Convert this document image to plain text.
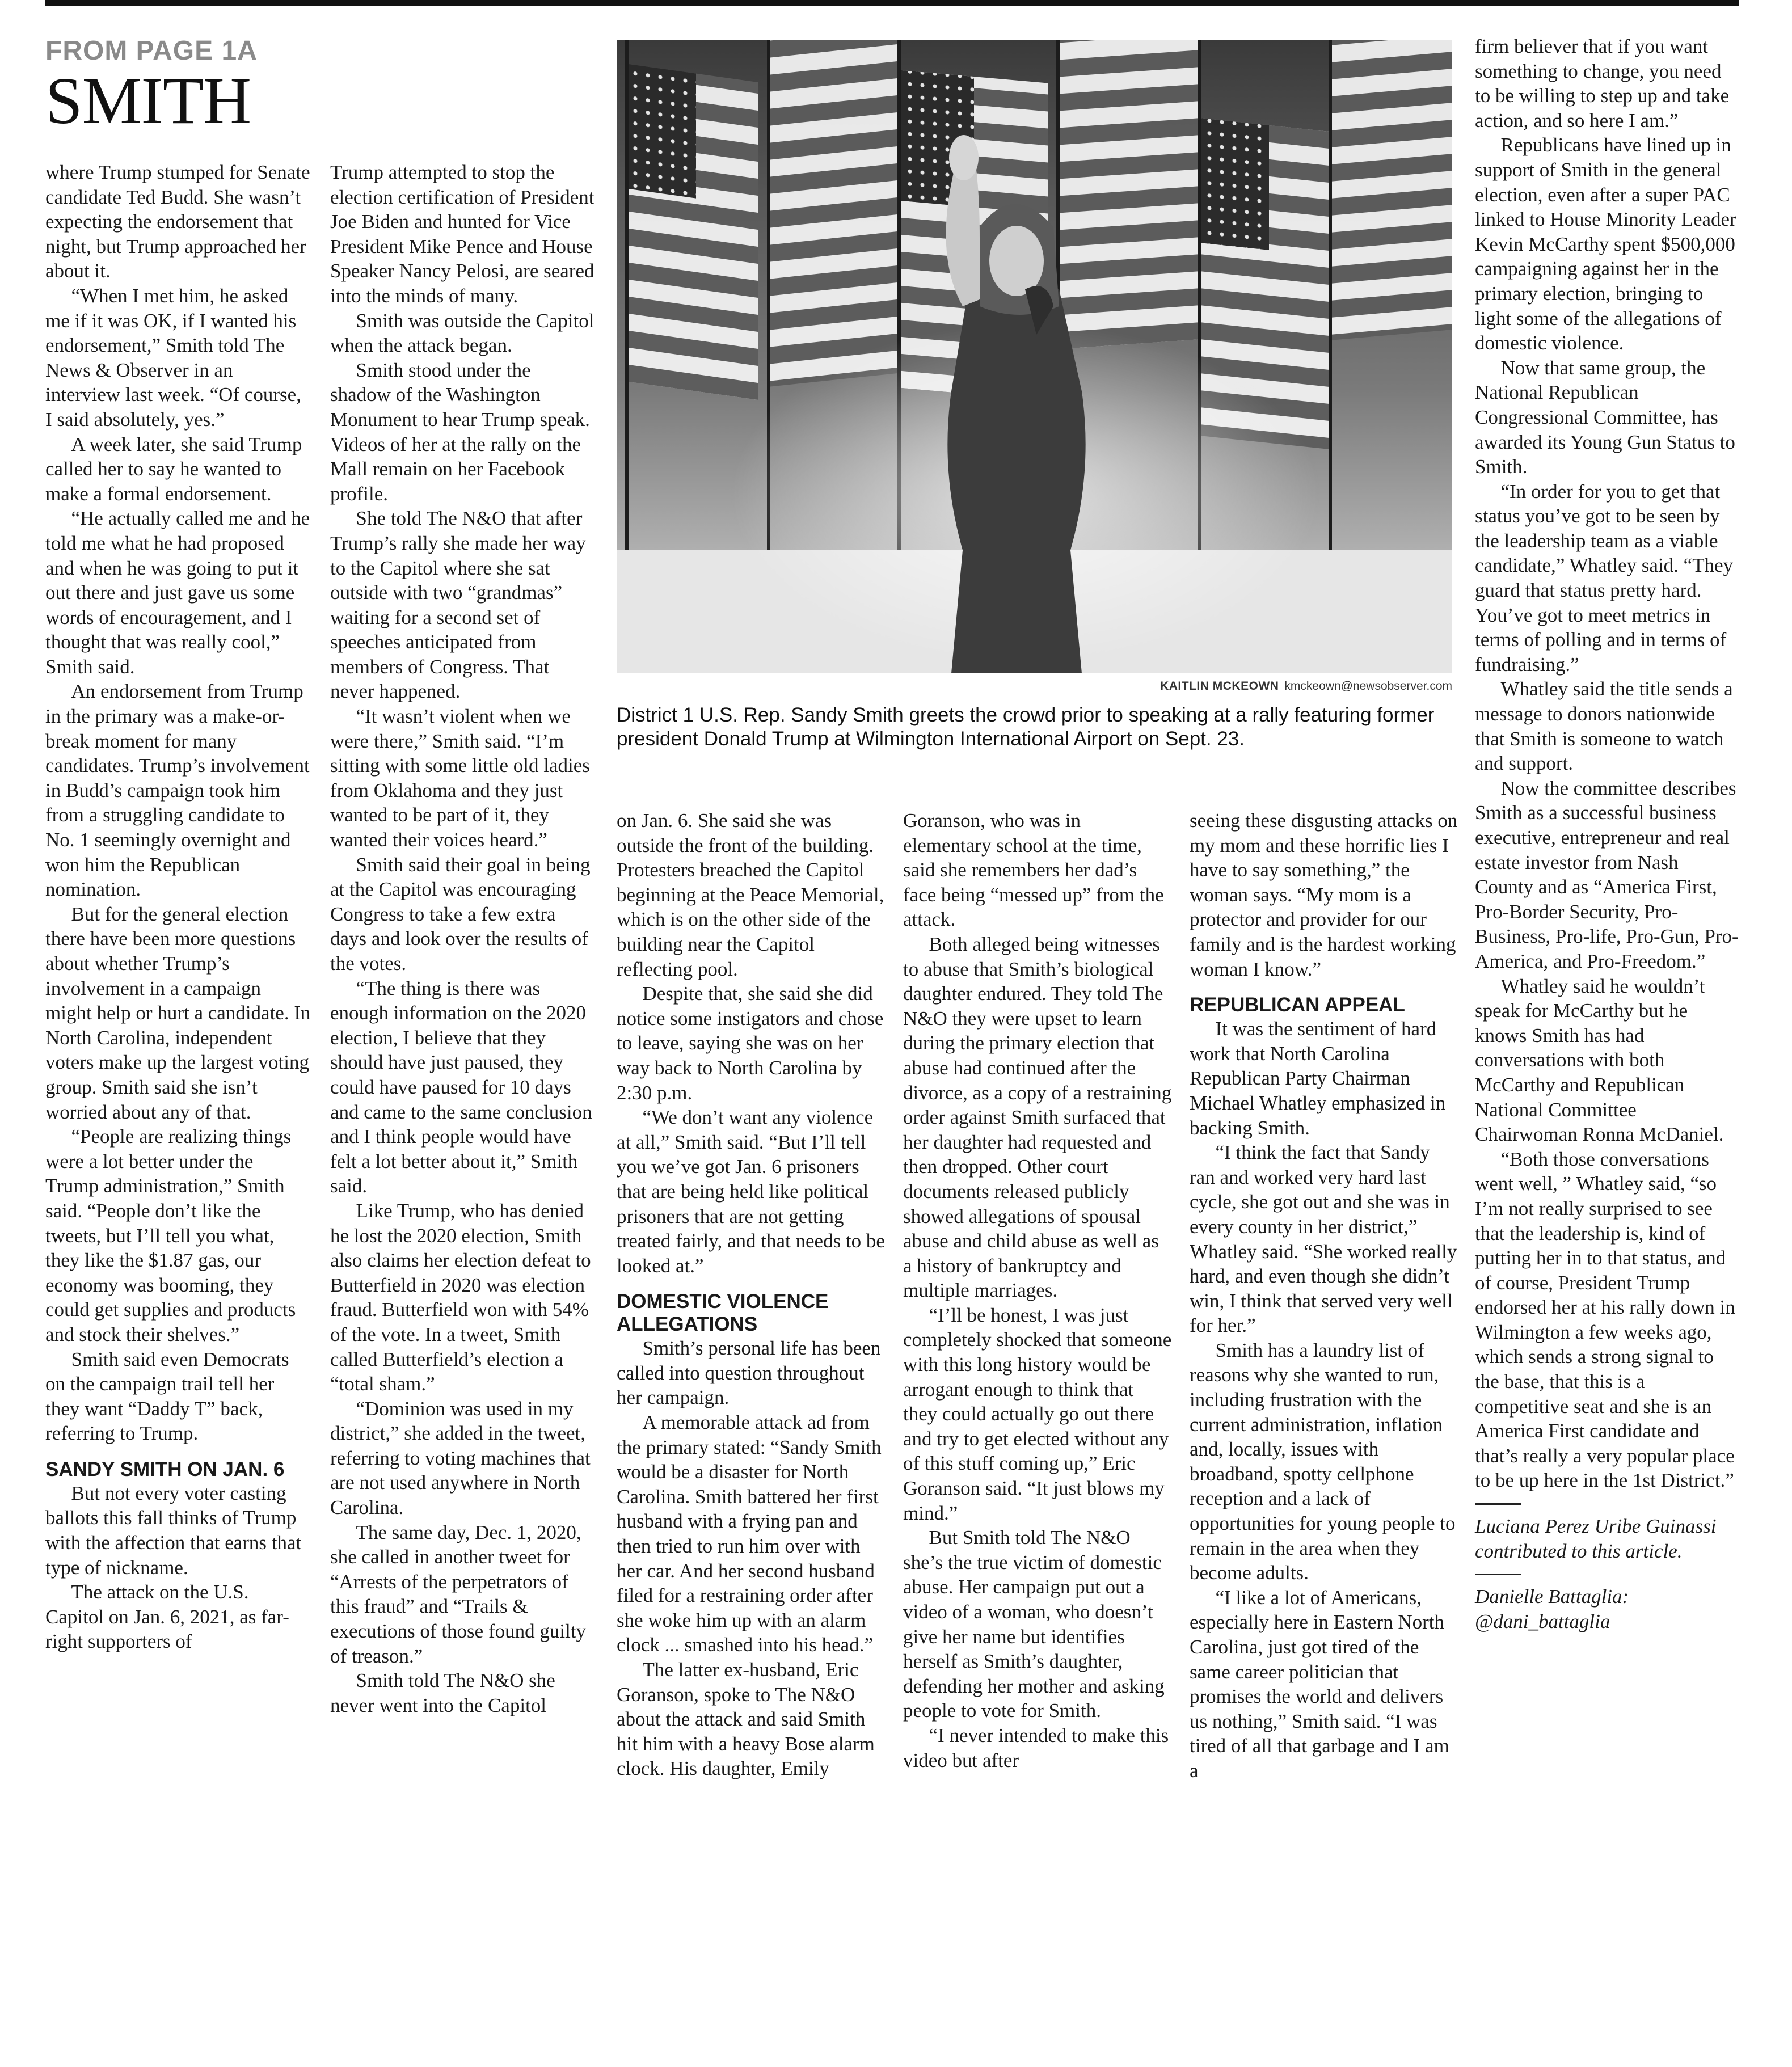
FROM PAGE 1A
SMITH

where Trump stumped for Senate candidate Ted Budd. She wasn’t expecting the endorsement that night, but Trump approached her about it.

“When I met him, he asked me if it was OK, if I wanted his endorsement,” Smith told The News & Observer in an interview last week. “Of course, I said absolutely, yes.”

A week later, she said Trump called her to say he wanted to make a formal endorsement.

“He actually called me and he told me what he had proposed and when he was going to put it out there and just gave us some words of encouragement, and I thought that was really cool,” Smith said.

An endorsement from Trump in the primary was a make-or-break moment for many candidates. Trump’s involvement in Budd’s campaign took him from a struggling candidate to No. 1 seemingly overnight and won him the Republican nomination.

But for the general election there have been more questions about whether Trump’s involvement in a campaign might help or hurt a candidate. In North Carolina, independent voters make up the largest voting group. Smith said she isn’t worried about any of that.

“People are realizing things were a lot better under the Trump administration,” Smith said. “People don’t like the tweets, but I’ll tell you what, they like the $1.87 gas, our economy was booming, they could get supplies and products and stock their shelves.”

Smith said even Democrats on the campaign trail tell her they want “Daddy T” back, referring to Trump.

SANDY SMITH ON JAN. 6

But not every voter casting ballots this fall thinks of Trump with the affection that earns that type of nickname.

The attack on the U.S. Capitol on Jan. 6, 2021, as far-right supporters of

Trump attempted to stop the election certification of President Joe Biden and hunted for Vice President Mike Pence and House Speaker Nancy Pelosi, are seared into the minds of many.

Smith was outside the Capitol when the attack began.

Smith stood under the shadow of the Washington Monument to hear Trump speak. Videos of her at the rally on the Mall remain on her Facebook profile.

She told The N&O that after Trump’s rally she made her way to the Capitol where she sat outside with two “grandmas” waiting for a second set of speeches anticipated from members of Congress. That never happened.

“It wasn’t violent when we were there,” Smith said. “I’m sitting with some little old ladies from Oklahoma and they just wanted to be part of it, they wanted their voices heard.”

Smith said their goal in being at the Capitol was encouraging Congress to take a few extra days and look over the results of the votes.

“The thing is there was enough information on the 2020 election, I believe that they should have just paused, they could have paused for 10 days and came to the same conclusion and I think people would have felt a lot better about it,” Smith said.

Like Trump, who has denied he lost the 2020 election, Smith also claims her election defeat to Butterfield in 2020 was election fraud. Butterfield won with 54% of the vote. In a tweet, Smith called Butterfield’s election a “total sham.”

“Dominion was used in my district,” she added in the tweet, referring to voting machines that are not used anywhere in North Carolina.

The same day, Dec. 1, 2020, she called in another tweet for “Arrests of the perpetrators of this fraud” and “Trails & executions of those found guilty of treason.”

Smith told The N&O she never went into the Capitol

KAITLIN MCKEOWN kmckeown@newsobserver.com
District 1 U.S. Rep. Sandy Smith greets the crowd prior to speaking at a rally featuring former president Donald Trump at Wilmington International Airport on Sept. 23.

on Jan. 6. She said she was outside the front of the building. Protesters breached the Capitol beginning at the Peace Memorial, which is on the other side of the building near the Capitol reflecting pool.

Despite that, she said she did notice some instigators and chose to leave, saying she was on her way back to North Carolina by 2:30 p.m.

“We don’t want any violence at all,” Smith said. “But I’ll tell you we’ve got Jan. 6 prisoners that are being held like political prisoners that are not getting treated fairly, and that needs to be looked at.”

DOMESTIC VIOLENCE ALLEGATIONS

Smith’s personal life has been called into question throughout her campaign.

A memorable attack ad from the primary stated: “Sandy Smith would be a disaster for North Carolina. Smith battered her first husband with a frying pan and then tried to run him over with her car. And her second husband filed for a restraining order after she woke him up with an alarm clock ... smashed into his head.”

The latter ex-husband, Eric Goranson, spoke to The N&O about the attack and said Smith hit him with a heavy Bose alarm clock. His daughter, Emily

Goranson, who was in elementary school at the time, said she remembers her dad’s face being “messed up” from the attack.

Both alleged being witnesses to abuse that Smith’s biological daughter endured. They told The N&O they were upset to learn during the primary election that abuse had continued after the divorce, as a copy of a restraining order against Smith surfaced that her daughter had requested and then dropped. Other court documents released publicly showed allegations of spousal abuse and child abuse as well as a history of bankruptcy and multiple marriages.

“I’ll be honest, I was just completely shocked that someone with this long history would be arrogant enough to think that they could actually go out there and try to get elected without any of this stuff coming up,” Eric Goranson said. “It just blows my mind.”

But Smith told The N&O she’s the true victim of domestic abuse. Her campaign put out a video of a woman, who doesn’t give her name but identifies herself as Smith’s daughter, defending her mother and asking people to vote for Smith.

“I never intended to make this video but after

seeing these disgusting attacks on my mom and these horrific lies I have to say something,” the woman says. “My mom is a protector and provider for our family and is the hardest working woman I know.”

REPUBLICAN APPEAL

It was the sentiment of hard work that North Carolina Republican Party Chairman Michael Whatley emphasized in backing Smith.

“I think the fact that Sandy ran and worked very hard last cycle, she got out and she was in every county in her district,” Whatley said. “She worked really hard, and even though she didn’t win, I think that served very well for her.”

Smith has a laundry list of reasons why she wanted to run, including frustration with the current administration, inflation and, locally, issues with broadband, spotty cellphone reception and a lack of opportunities for young people to remain in the area when they become adults.

“I like a lot of Americans, especially here in Eastern North Carolina, just got tired of the same career politician that promises the world and delivers us nothing,” Smith said. “I was tired of all that garbage and I am a

firm believer that if you want something to change, you need to be willing to step up and take action, and so here I am.”

Republicans have lined up in support of Smith in the general election, even after a super PAC linked to House Minority Leader Kevin McCarthy spent $500,000 campaigning against her in the primary election, bringing to light some of the allegations of domestic violence.

Now that same group, the National Republican Congressional Committee, has awarded its Young Gun Status to Smith.

“In order for you to get that status you’ve got to be seen by the leadership team as a viable candidate,” Whatley said. “They guard that status pretty hard. You’ve got to meet metrics in terms of polling and in terms of fundraising.”

Whatley said the title sends a message to donors nationwide that Smith is someone to watch and support.

Now the committee describes Smith as a successful business executive, entrepreneur and real estate investor from Nash County and as “America First, Pro-Border Security, Pro-Business, Pro-life, Pro-Gun, Pro-America, and Pro-Freedom.”

Whatley said he wouldn’t speak for McCarthy but he knows Smith has had conversations with both McCarthy and Republican National Committee Chairwoman Ronna McDaniel.

“Both those conversations went well, ” Whatley said, “so I’m not really surprised to see that the leadership is, kind of putting her in to that status, and of course, President Trump endorsed her at his rally down in Wilmington a few weeks ago, which sends a strong signal to the base, that this is a competitive seat and she is an America First candidate and that’s really a very popular place to be up here in the 1st District.”

Luciana Perez Uribe Guinassi contributed to this article.

Danielle Battaglia: @dani_battaglia
